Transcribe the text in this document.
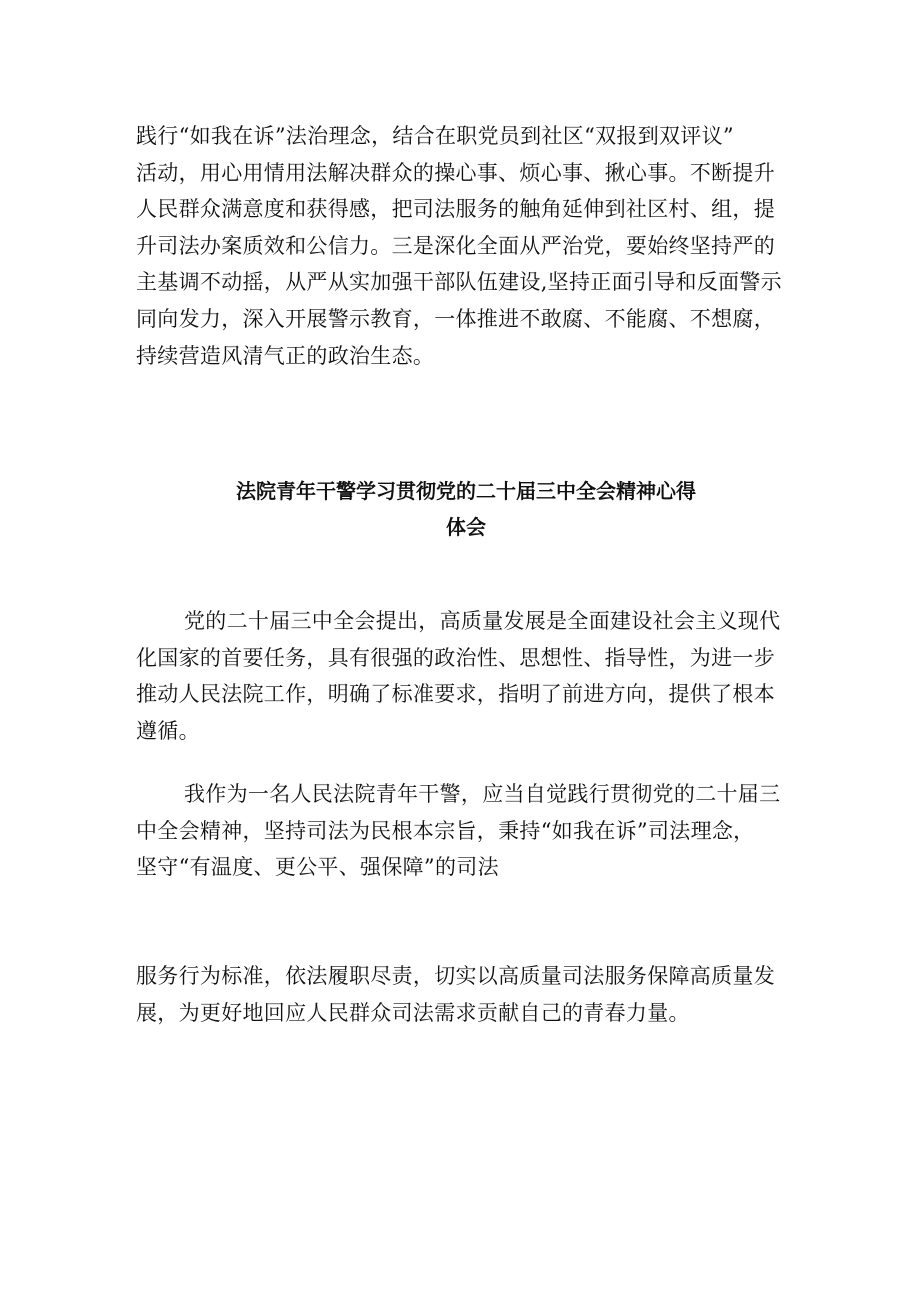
践行“如我在诉”法治理念，结合在职党员到社区“双报到双评议”
活动，用心用情用法解决群众的操心事、烦心事、揪心事。不断提升
人民群众满意度和获得感，把司法服务的触角延伸到社区村、组，提
升司法办案质效和公信力。三是深化全面从严治党，要始终坚持严的
主基调不动摇，从严从实加强干部队伍建设,坚持正面引导和反面警示
同向发力，深入开展警示教育，一体推进不敢腐、不能腐、不想腐，
持续营造风清气正的政治生态。
法院青年干警学习贯彻党的二十届三中全会精神心得
体会
党的二十届三中全会提出，高质量发展是全面建设社会主义现代
化国家的首要任务，具有很强的政治性、思想性、指导性，为进一步
推动人民法院工作，明确了标准要求，指明了前进方向，提供了根本
遵循。
我作为一名人民法院青年干警，应当自觉践行贯彻党的二十届三
中全会精神，坚持司法为民根本宗旨，秉持“如我在诉”司法理念，
坚守“有温度、更公平、强保障”的司法
服务行为标准，依法履职尽责，切实以高质量司法服务保障高质量发
展，为更好地回应人民群众司法需求贡献自己的青春力量。
